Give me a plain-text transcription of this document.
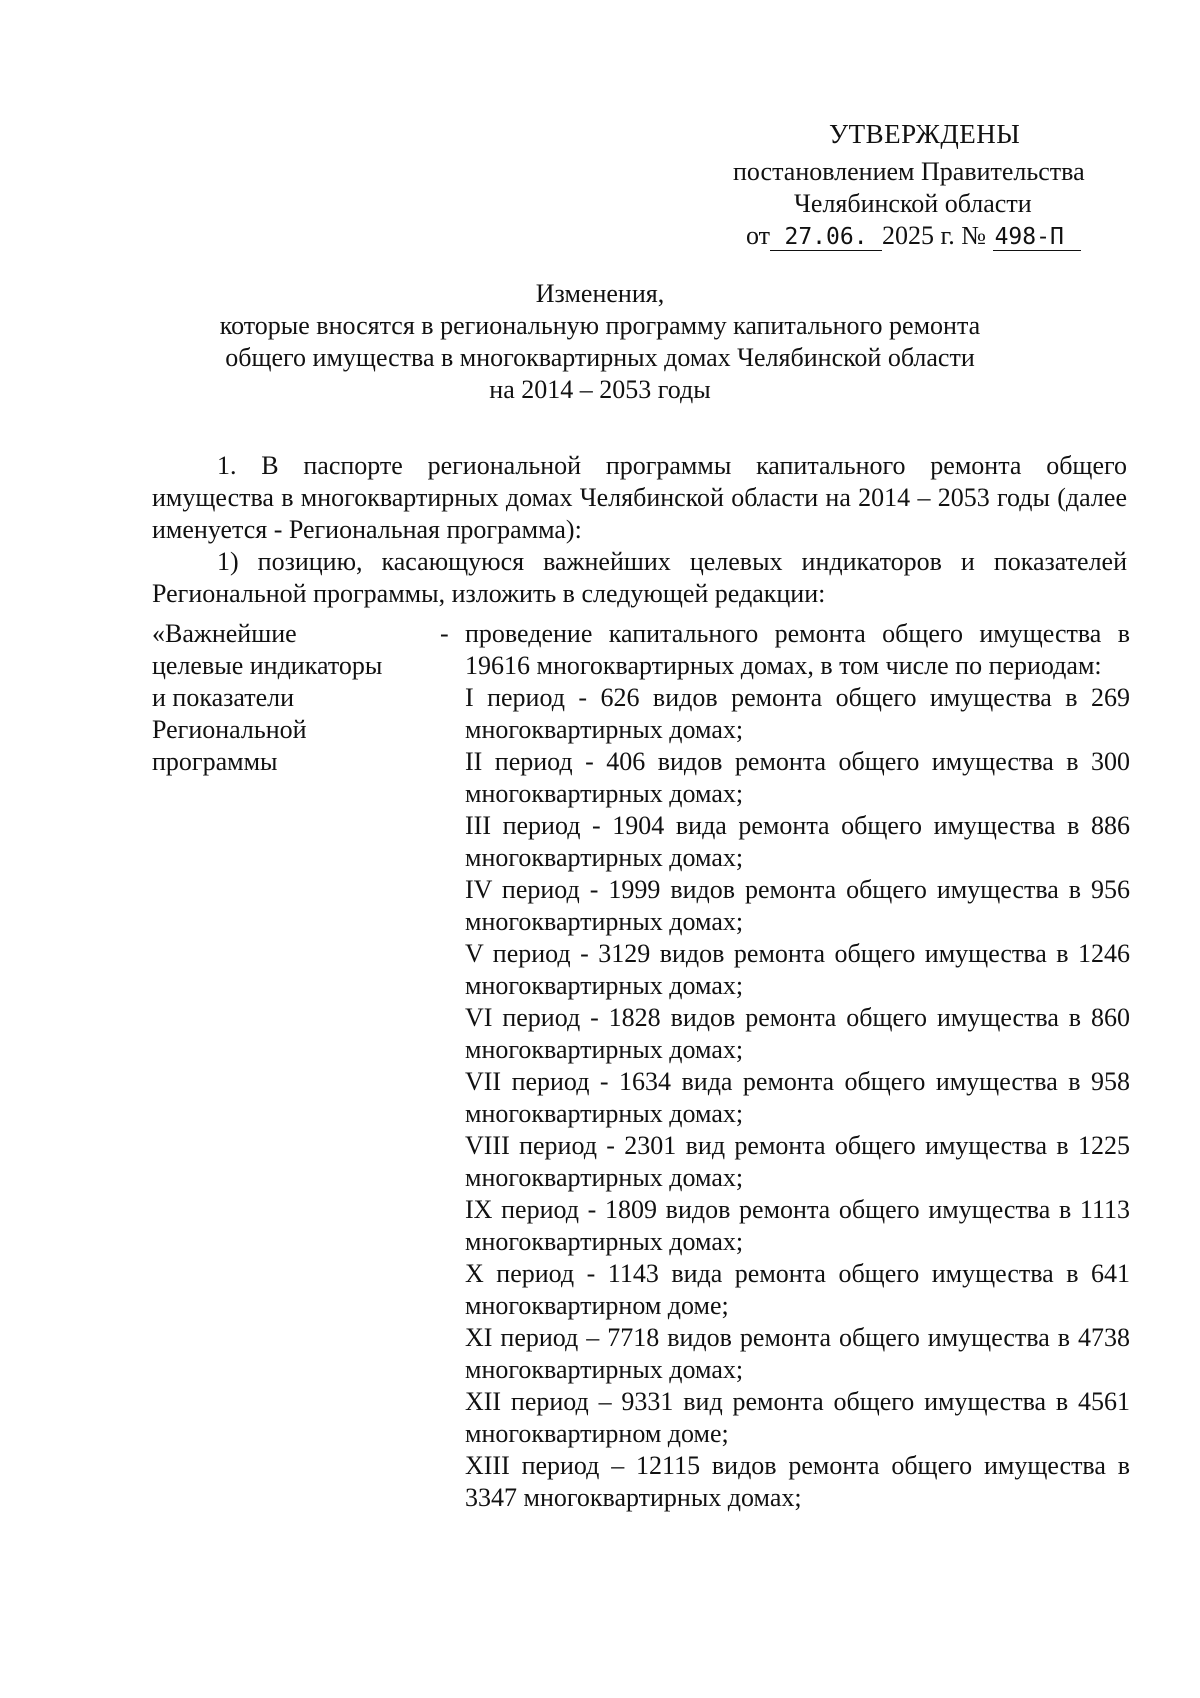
УТВЕРЖДЕНЫ
постановлением Правительства
Челябинской области
от 27.06. 2025 г. № 498-П
Изменения,
которые вносятся в региональную программу капитального ремонта
общего имущества в многоквартирных домах Челябинской области
на 2014 – 2053 годы
1. В паспорте региональной программы капитального ремонта общего имущества в многоквартирных домах Челябинской области на 2014 – 2053 годы (далее именуется - Региональная программа):
1) позицию, касающуюся важнейших целевых индикаторов и показателей Региональной программы, изложить в следующей редакции:
«Важнейшие
целевые индикаторы
и показатели
Региональной
программы
- проведение капитального ремонта общего имущества в 19616 многоквартирных домах, в том числе по периодам:
I период - 626 видов ремонта общего имущества в 269 многоквартирных домах;
II период - 406 видов ремонта общего имущества в 300 многоквартирных домах;
III период - 1904 вида ремонта общего имущества в 886 многоквартирных домах;
IV период - 1999 видов ремонта общего имущества в 956 многоквартирных домах;
V период - 3129 видов ремонта общего имущества в 1246 многоквартирных домах;
VI период - 1828 видов ремонта общего имущества в 860 многоквартирных домах;
VII период - 1634 вида ремонта общего имущества в 958 многоквартирных домах;
VIII период - 2301 вид ремонта общего имущества в 1225 многоквартирных домах;
IX период - 1809 видов ремонта общего имущества в 1113 многоквартирных домах;
X период - 1143 вида ремонта общего имущества в 641 многоквартирном доме;
XI период – 7718 видов ремонта общего имущества в 4738 многоквартирных домах;
XII период – 9331 вид ремонта общего имущества в 4561 многоквартирном доме;
XIII период – 12115 видов ремонта общего имущества в 3347 многоквартирных домах;
